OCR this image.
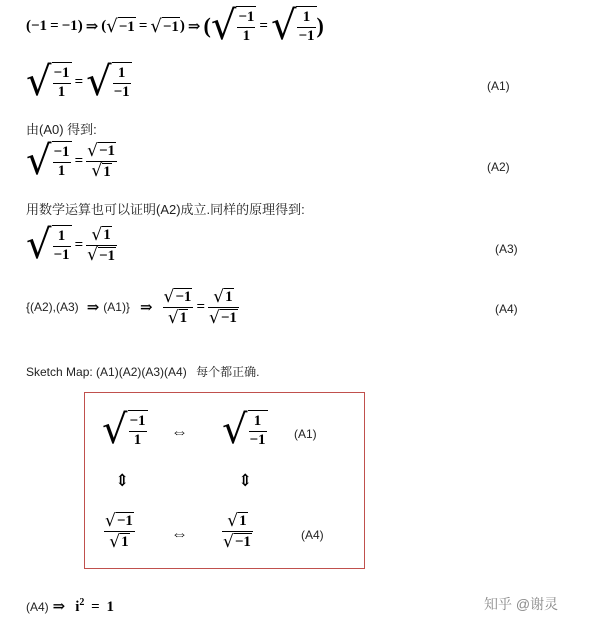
( −1 = −1 ) ⇒ ( √ −1 = √ −1 ) ⇒ ( √ $\frac{-1}{1}$ = √ $\frac{1}{-1}$ )
√ $\frac{-1}{1}$ = √ $\frac{1}{-1}$	(A1)
由(A0) 得到:
√ $\frac{-1}{1} = \frac{√ -1}{√ 1}$	(A2)
用数学运算也可以证明(A2)成立.同样的原理得到:
√ $\frac{1}{-1} = \frac{√ 1}{√ -1}$	(A3)
{(A2),(A3) ⇒ (A1)} ⇒ $\frac{√ -1}{√ 1} = \frac{√ 1}{√ -1}$	(A4)
Sketch Map: (A1)(A2)(A3)(A4) 每个都正确.
√ $\frac{-1}{1}$ ⇔ √ $\frac{1}{-1} (A1)$
⇕	⇕
$\frac{√ -1}{√ 1}$ ⇔ $\frac{√ 1}{√ -1}$	(A4)
(A4) ⇒ $i^2 = 1$	知乎 @谢灵
